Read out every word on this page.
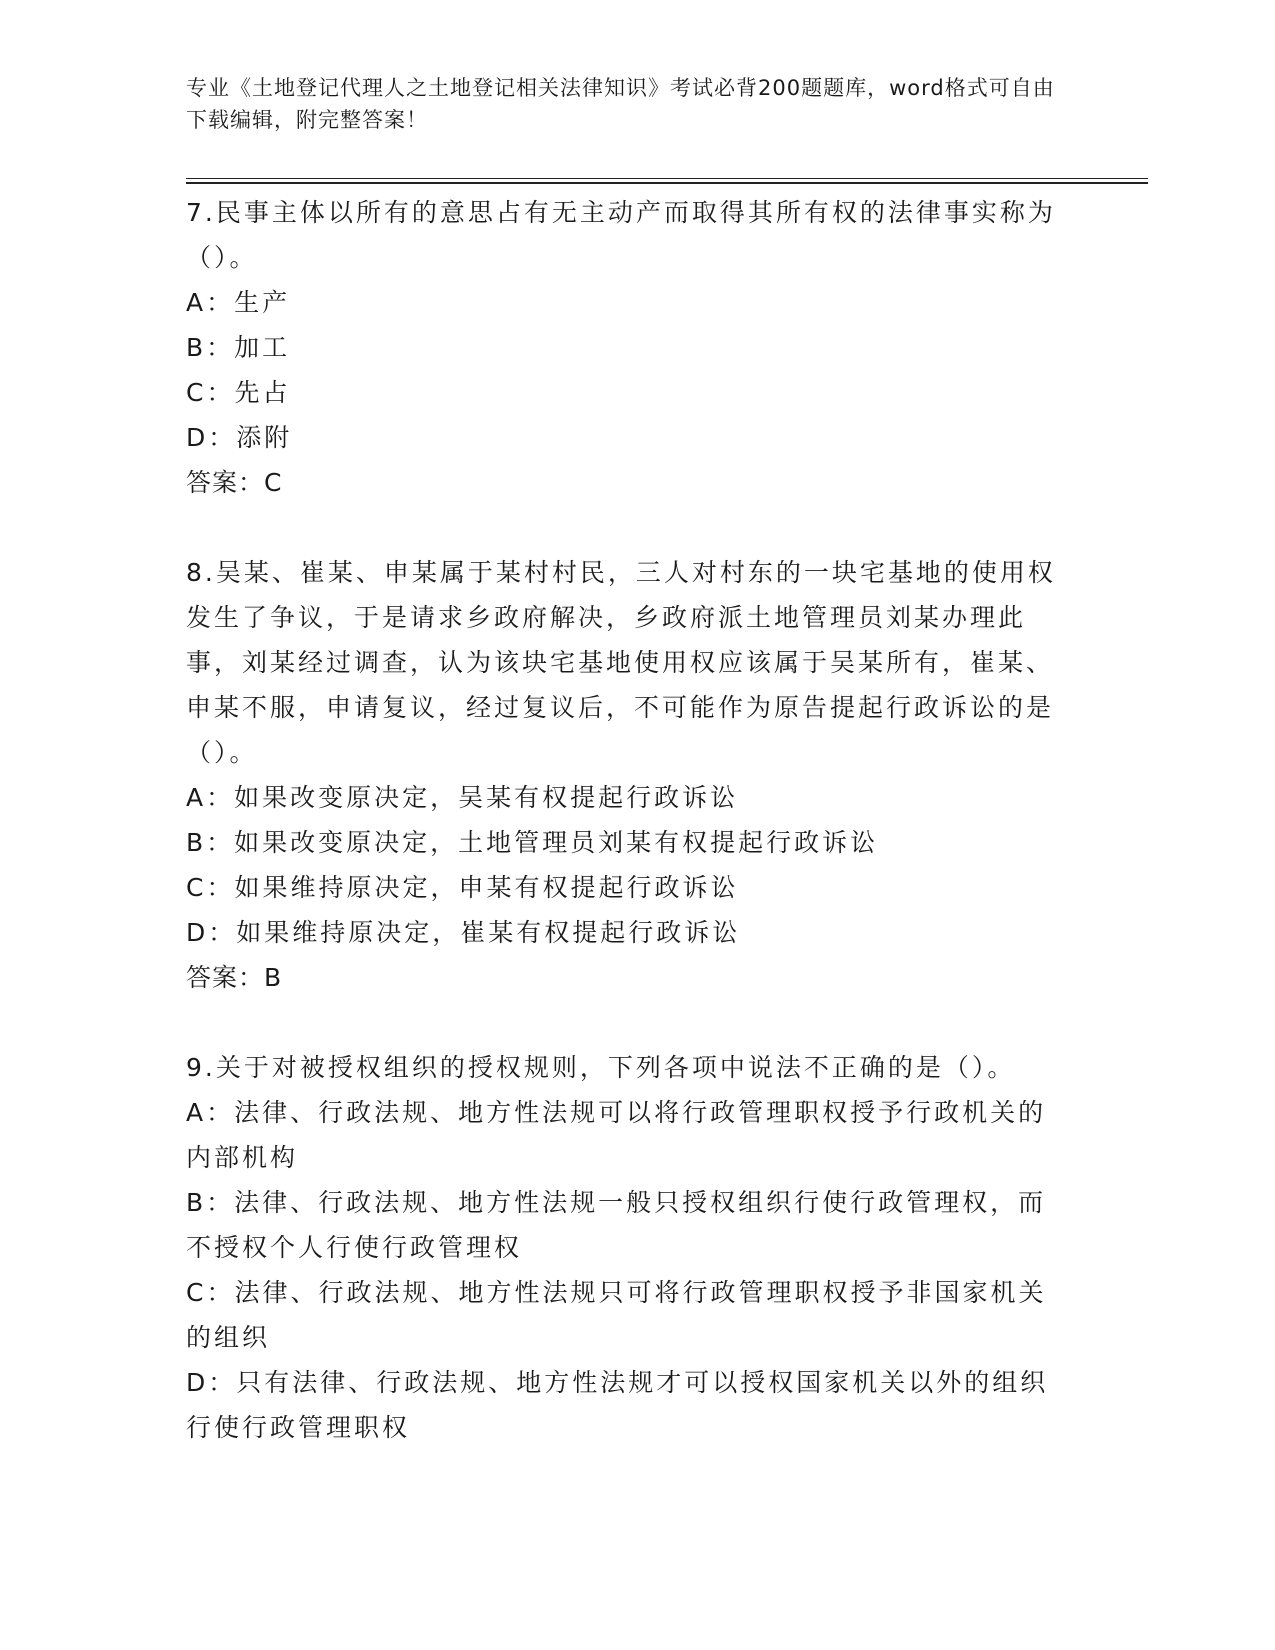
专业《土地登记代理人之土地登记相关法律知识》考试必背200题题库，word格式可自由下载编辑，附完整答案！

7.民事主体以所有的意思占有无主动产而取得其所有权的法律事实称为（）。

A：生产

B：加工

C：先占

D：添附

答案：C

8.吴某、崔某、申某属于某村村民，三人对村东的一块宅基地的使用权发生了争议，于是请求乡政府解决，乡政府派土地管理员刘某办理此事，刘某经过调查，认为该块宅基地使用权应该属于吴某所有，崔某、申某不服，申请复议，经过复议后，不可能作为原告提起行政诉讼的是（）。

A：如果改变原决定，吴某有权提起行政诉讼

B：如果改变原决定，土地管理员刘某有权提起行政诉讼

C：如果维持原决定，申某有权提起行政诉讼

D：如果维持原决定，崔某有权提起行政诉讼

答案：B

9.关于对被授权组织的授权规则，下列各项中说法不正确的是（）。

A：法律、行政法规、地方性法规可以将行政管理职权授予行政机关的内部机构

B：法律、行政法规、地方性法规一般只授权组织行使行政管理权，而不授权个人行使行政管理权

C：法律、行政法规、地方性法规只可将行政管理职权授予非国家机关的组织

D：只有法律、行政法规、地方性法规才可以授权国家机关以外的组织行使行政管理职权
